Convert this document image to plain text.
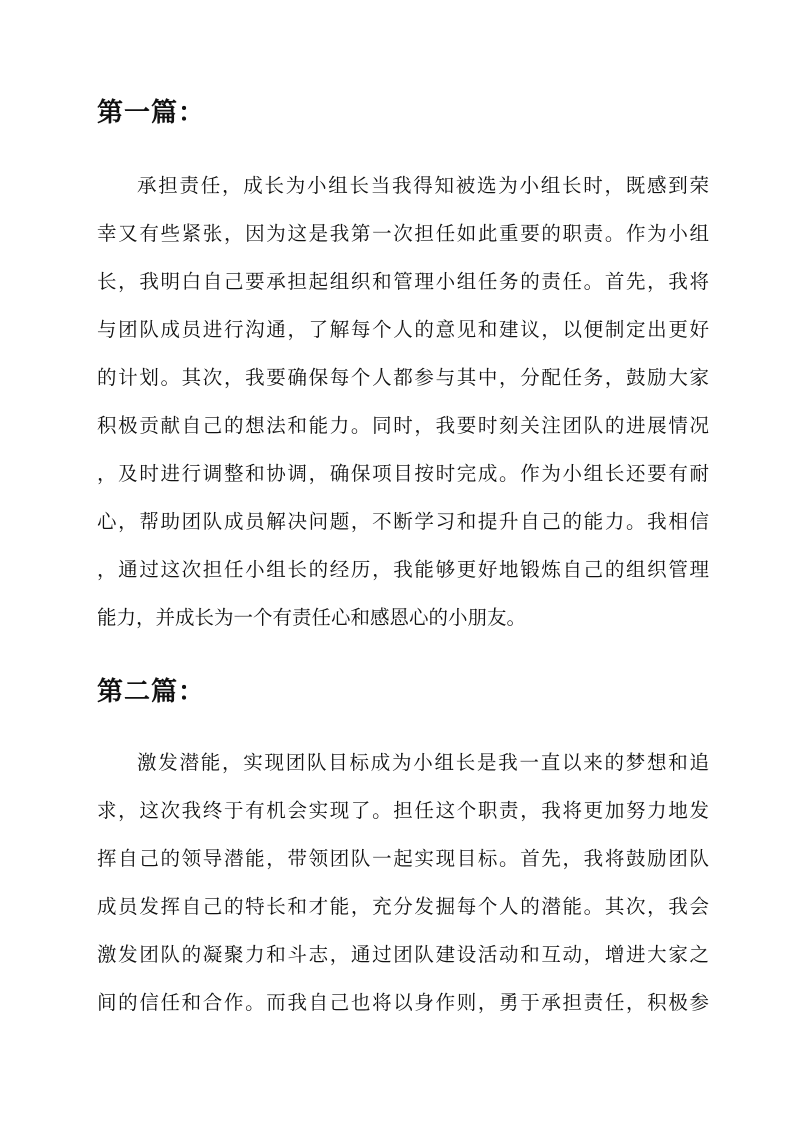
第一篇：
承担责任，成长为小组长当我得知被选为小组长时，既感到荣
幸又有些紧张，因为这是我第一次担任如此重要的职责。作为小组
长，我明白自己要承担起组织和管理小组任务的责任。首先，我将
与团队成员进行沟通，了解每个人的意见和建议，以便制定出更好
的计划。其次，我要确保每个人都参与其中，分配任务，鼓励大家
积极贡献自己的想法和能力。同时，我要时刻关注团队的进展情况
，及时进行调整和协调，确保项目按时完成。作为小组长还要有耐
心，帮助团队成员解决问题，不断学习和提升自己的能力。我相信
，通过这次担任小组长的经历，我能够更好地锻炼自己的组织管理
能力，并成长为一个有责任心和感恩心的小朋友。
第二篇：
激发潜能，实现团队目标成为小组长是我一直以来的梦想和追
求，这次我终于有机会实现了。担任这个职责，我将更加努力地发
挥自己的领导潜能，带领团队一起实现目标。首先，我将鼓励团队
成员发挥自己的特长和才能，充分发掘每个人的潜能。其次，我会
激发团队的凝聚力和斗志，通过团队建设活动和互动，增进大家之
间的信任和合作。而我自己也将以身作则，勇于承担责任，积极参
